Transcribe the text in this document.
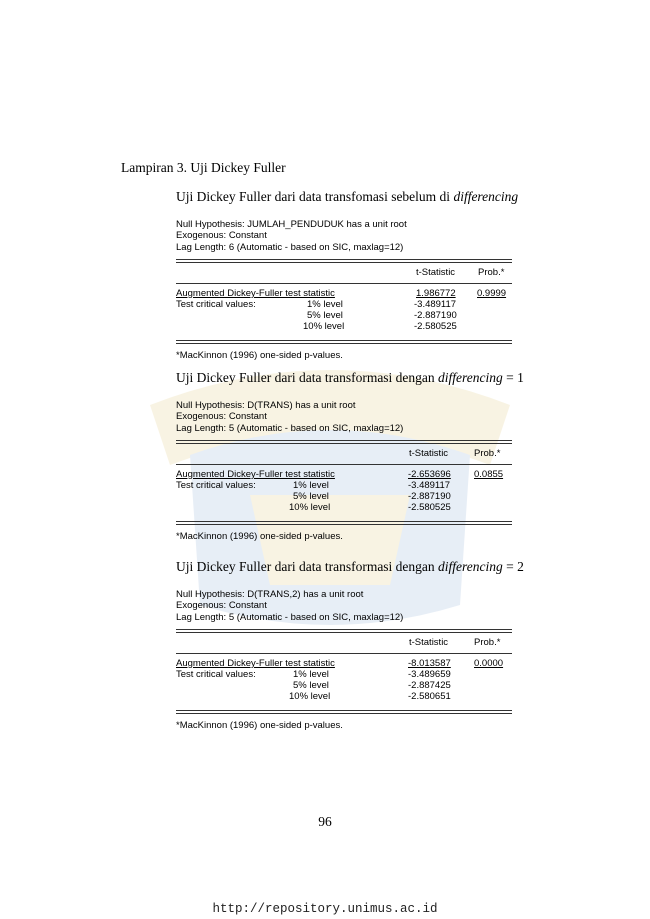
Lampiran 3. Uji Dickey Fuller
Uji Dickey Fuller dari data transfomasi sebelum di differencing
Null Hypothesis: JUMLAH_PENDUDUK has a unit root
Exogenous: Constant
Lag Length: 6 (Automatic - based on SIC, maxlag=12)
t-Statistic Prob.*
Augmented Dickey-Fuller test statistic	1.986772 0.9999
Test critical values:	1% level	-3.489117
5% level	-2.887190
10% level	-2.580525
*MacKinnon (1996) one-sided p-values.
Uji Dickey Fuller dari data transformasi dengan differencing = 1
Null Hypothesis: D(TRANS) has a unit root
Exogenous: Constant
Lag Length: 5 (Automatic - based on SIC, maxlag=12)
t-Statistic	Prob.*
Augmented Dickey-Fuller test statistic	-2.653696 0.0855
Test critical values:	1% level	-3.489117
5% level	-2.887190
10% level	-2.580525
*MacKinnon (1996) one-sided p-values.
Uji Dickey Fuller dari data transformasi dengan differencing = 2
Null Hypothesis: D(TRANS,2) has a unit root
Exogenous: Constant
Lag Length: 5 (Automatic - based on SIC, maxlag=12)
t-Statistic	Prob.*
Augmented Dickey-Fuller test statistic	-8.013587 0.0000
Test critical values:	1% level	-3.489659
5% level	-2.887425
10% level	-2.580651
*MacKinnon (1996) one-sided p-values.
96
http://repository.unimus.ac.id
